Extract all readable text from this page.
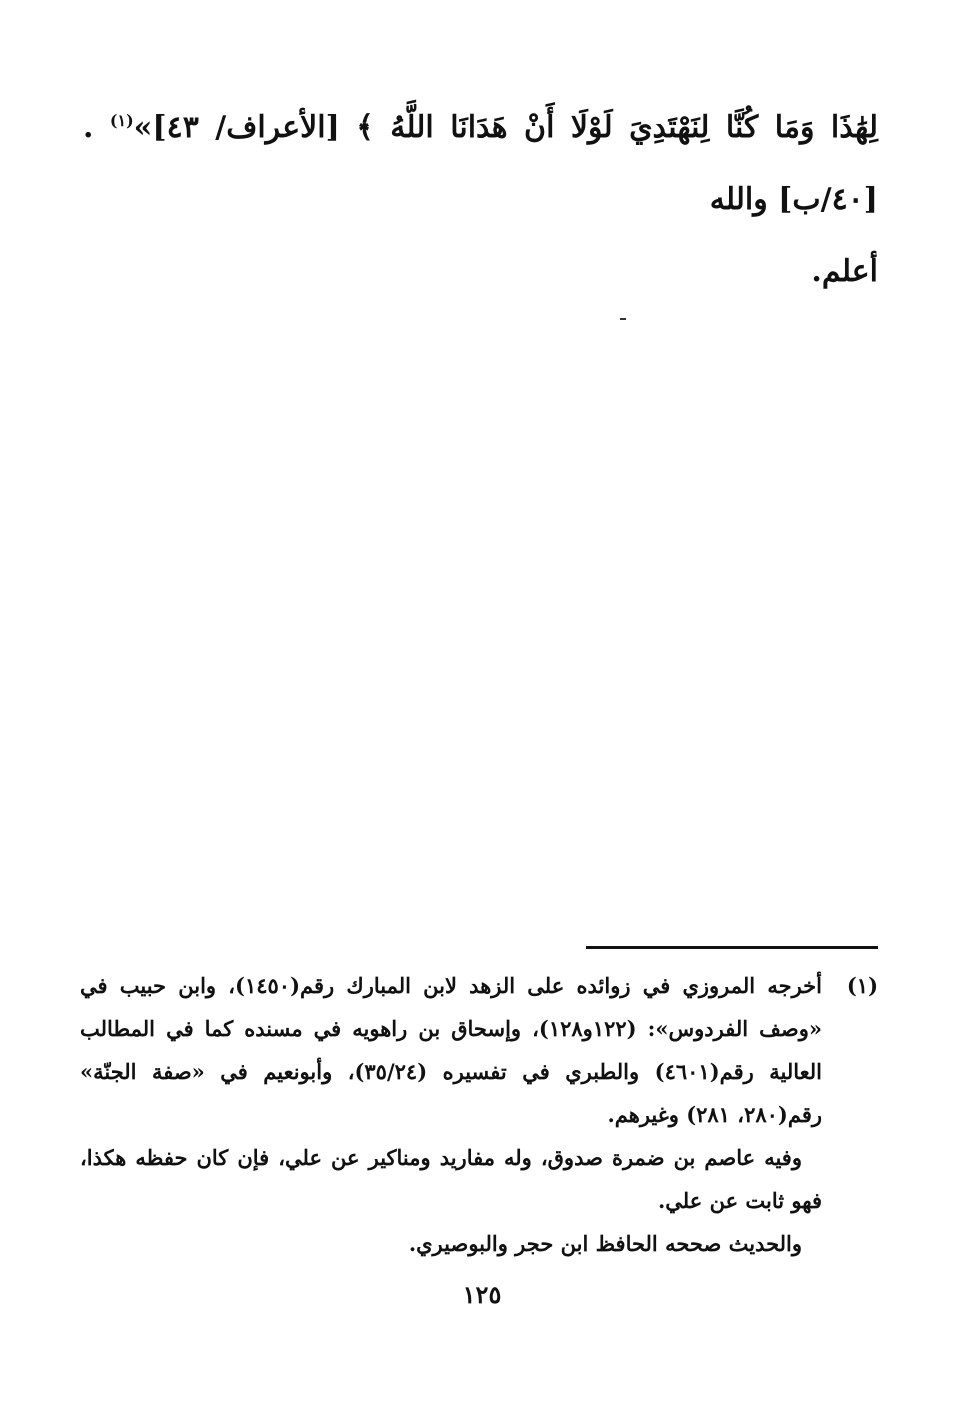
لِهَٰذَا وَمَا كُنَّا لِنَهْتَدِيَ لَوْلَا أَنْ هَدَانَا اللَّهُ ﴾ [الأعراف/ ٤٣]»$^{(١)}$ . [٤٠/ب] والله

أعلم.

(١)

أخرجه المروزي في زوائده على الزهد لابن المبارك رقم(١٤٥٠)، وابن حبيب في «وصف الفردوس»: (١٢٢و١٢٨)، وإسحاق بن راهويه في مسنده كما في المطالب العالية رقم(٤٦٠١) والطبري في تفسيره (٣٥/٢٤)، وأبونعيم في «صفة الجنّة» رقم(٢٨٠، ٢٨١) وغيرهم.

وفيه عاصم بن ضمرة صدوق، وله مفاريد ومناكير عن علي، فإن كان حفظه هكذا، فهو ثابت عن علي.

والحديث صححه الحافظ ابن حجر والبوصيري.

١٢٥
